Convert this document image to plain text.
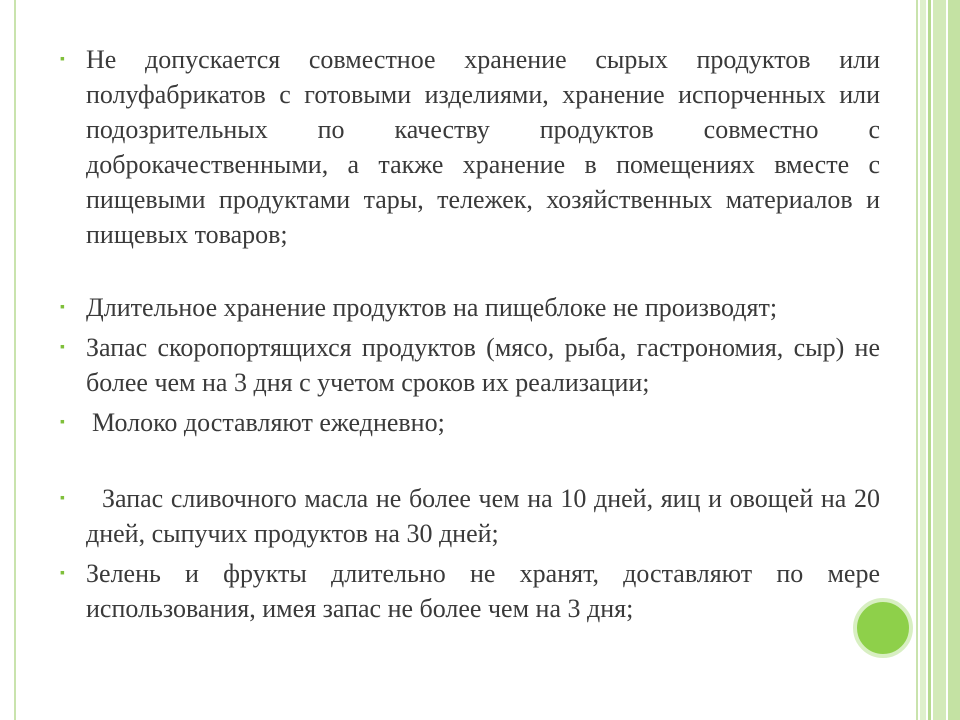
▪ Не допускается совместное хранение сырых продуктов или полуфабрикатов с готовыми изделиями, хранение испорченных или подозрительных по качеству продуктов совместно с доброкачественными, а также хранение в помещениях вместе с пищевыми продуктами тары, тележек, хозяйственных материалов и пищевых товаров;
▪ Длительное хранение продуктов на пищеблоке не производят;
▪ Запас скоропортящихся продуктов (мясо, рыба, гастрономия, сыр) не более чем на 3 дня с учетом сроков их реализации;
▪ Молоко доставляют ежедневно;
▪ Запас сливочного масла не более чем на 10 дней, яиц и овощей на 20 дней, сыпучих продуктов на 30 дней;
▪ Зелень и фрукты длительно не хранят, доставляют по мере использования, имея запас не более чем на 3 дня;
